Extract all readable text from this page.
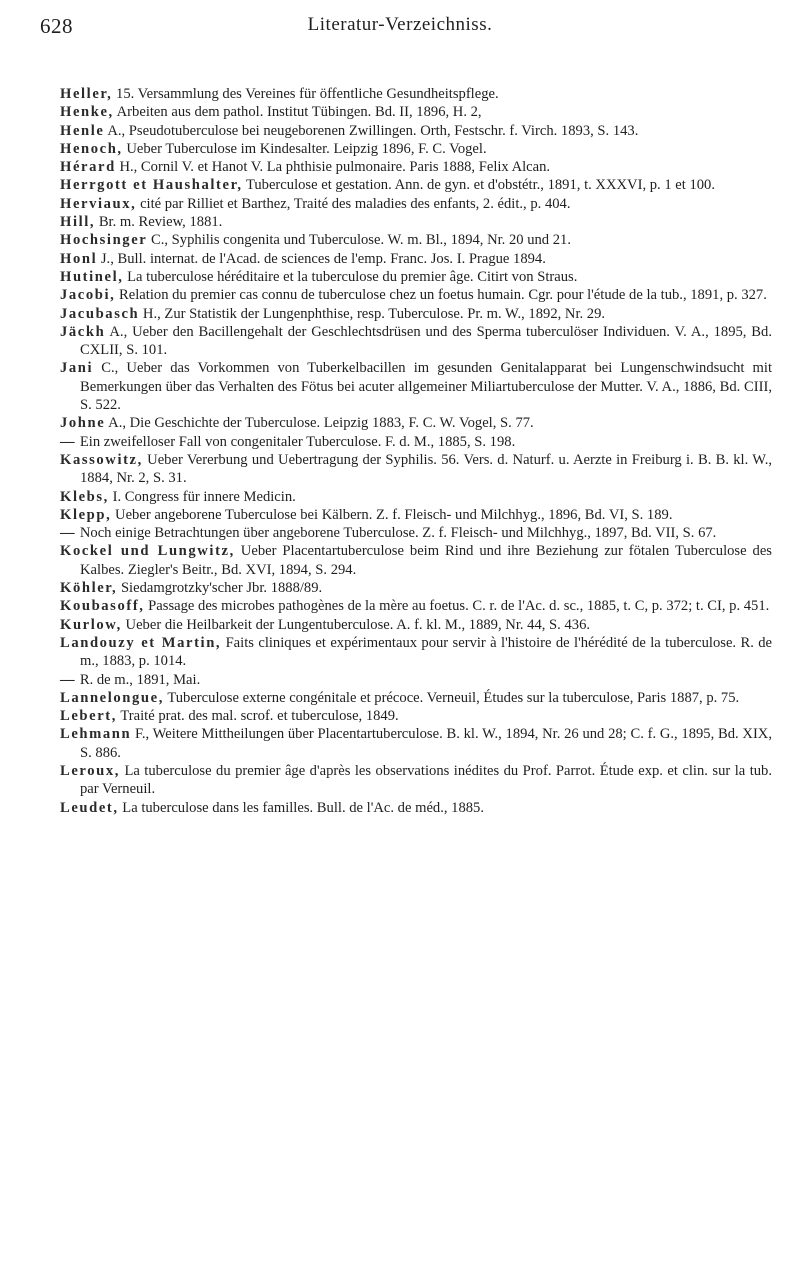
628	Literatur-Verzeichniss.
Heller, 15. Versammlung des Vereines für öffentliche Gesundheitspflege.
Henke, Arbeiten aus dem pathol. Institut Tübingen. Bd. II, 1896, H. 2,
Henle A., Pseudotuberculose bei neugeborenen Zwillingen. Orth, Festschr. f. Virch. 1893, S. 143.
Henoch, Ueber Tuberculose im Kindesalter. Leipzig 1896, F. C. Vogel.
Hérard H., Cornil V. et Hanot V. La phthisie pulmonaire. Paris 1888, Felix Alcan.
Herrgott et Haushalter, Tuberculose et gestation. Ann. de gyn. et d'obstétr., 1891, t. XXXVI, p. 1 et 100.
Herviaux, cité par Rilliet et Barthez, Traité des maladies des enfants, 2. édit., p. 404.
Hill, Br. m. Review, 1881.
Hochsinger C., Syphilis congenita und Tuberculose. W. m. Bl., 1894, Nr. 20 und 21.
Honl J., Bull. internat. de l'Acad. de sciences de l'emp. Franc. Jos. I. Prague 1894.
Hutinel, La tuberculose héréditaire et la tuberculose du premier âge. Citirt von Straus.
Jacobi, Relation du premier cas connu de tuberculose chez un foetus humain. Cgr. pour l'étude de la tub., 1891, p. 327.
Jacubasch H., Zur Statistik der Lungenphthise, resp. Tuberculose. Pr. m. W., 1892, Nr. 29.
Jäckh A., Ueber den Bacillengehalt der Geschlechtsdrüsen und des Sperma tuberculöser Individuen. V. A., 1895, Bd. CXLII, S. 101.
Jani C., Ueber das Vorkommen von Tuberkelbacillen im gesunden Genitalapparat bei Lungenschwindsucht mit Bemerkungen über das Verhalten des Fötus bei acuter allgemeiner Miliartuberculose der Mutter. V. A., 1886, Bd. CIII, S. 522.
Johne A., Die Geschichte der Tuberculose. Leipzig 1883, F. C. W. Vogel, S. 77.
— Ein zweifelloser Fall von congenitaler Tuberculose. F. d. M., 1885, S. 198.
Kassowitz, Ueber Vererbung und Uebertragung der Syphilis. 56. Vers. d. Naturf. u. Aerzte in Freiburg i. B. B. kl. W., 1884, Nr. 2, S. 31.
Klebs, I. Congress für innere Medicin.
Klepp, Ueber angeborene Tuberculose bei Kälbern. Z. f. Fleisch- und Milchhyg., 1896, Bd. VI, S. 189.
— Noch einige Betrachtungen über angeborene Tuberculose. Z. f. Fleisch- und Milchhyg., 1897, Bd. VII, S. 67.
Kockel und Lungwitz, Ueber Placentartuberculose beim Rind und ihre Beziehung zur fötalen Tuberculose des Kalbes. Ziegler's Beitr., Bd. XVI, 1894, S. 294.
Köhler, Siedamgrotzky'scher Jbr. 1888/89.
Koubasoff, Passage des microbes pathogènes de la mère au foetus. C. r. de l'Ac. d. sc., 1885, t. C, p. 372; t. CI, p. 451.
Kurlow, Ueber die Heilbarkeit der Lungentuberculose. A. f. kl. M., 1889, Nr. 44, S. 436.
Landouzy et Martin, Faits cliniques et expérimentaux pour servir à l'histoire de l'hérédité de la tuberculose. R. de m., 1883, p. 1014.
— R. de m., 1891, Mai.
Lannelongue, Tuberculose externe congénitale et précoce. Verneuil, Études sur la tuberculose, Paris 1887, p. 75.
Lebert, Traité prat. des mal. scrof. et tuberculose, 1849.
Lehmann F., Weitere Mittheilungen über Placentartuberculose. B. kl. W., 1894, Nr. 26 und 28; C. f. G., 1895, Bd. XIX, S. 886.
Leroux, La tuberculose du premier âge d'après les observations inédites du Prof. Parrot. Étude exp. et clin. sur la tub. par Verneuil.
Leudet, La tuberculose dans les familles. Bull. de l'Ac. de méd., 1885.
